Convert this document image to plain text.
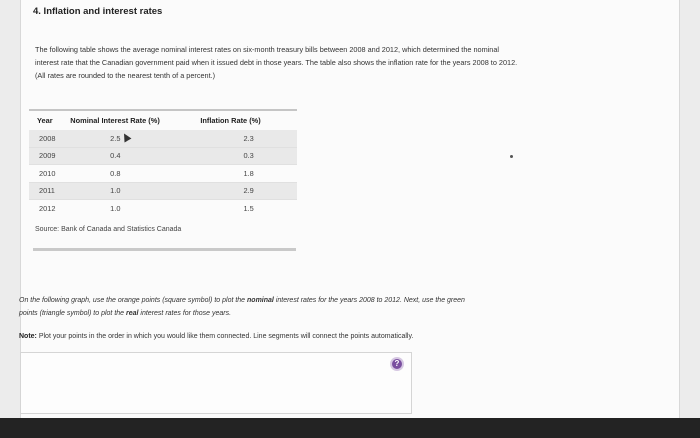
4. Inflation and interest rates

The following table shows the average nominal interest rates on six-month treasury bills between 2008 and 2012, which determined the nominal

interest rate that the Canadian government paid when it issued debt in those years. The table also shows the inflation rate for the years 2008 to 2012.

(All rates are rounded to the nearest tenth of a percent.)

Year	Nominal Interest Rate (%)	Inflation Rate (%)
2008	2.5	2.3
2009	0.4	0.3
2010	0.8	1.8
2011	1.0	2.9
2012	1.0	1.5
Source: Bank of Canada and Statistics Canada
On the following graph, use the orange points (square symbol) to plot the nominal interest rates for the years 2008 to 2012. Next, use the green
points (triangle symbol) to plot the real interest rates for those years.
Note: Plot your points in the order in which you would like them connected. Line segments will connect the points automatically.
?
